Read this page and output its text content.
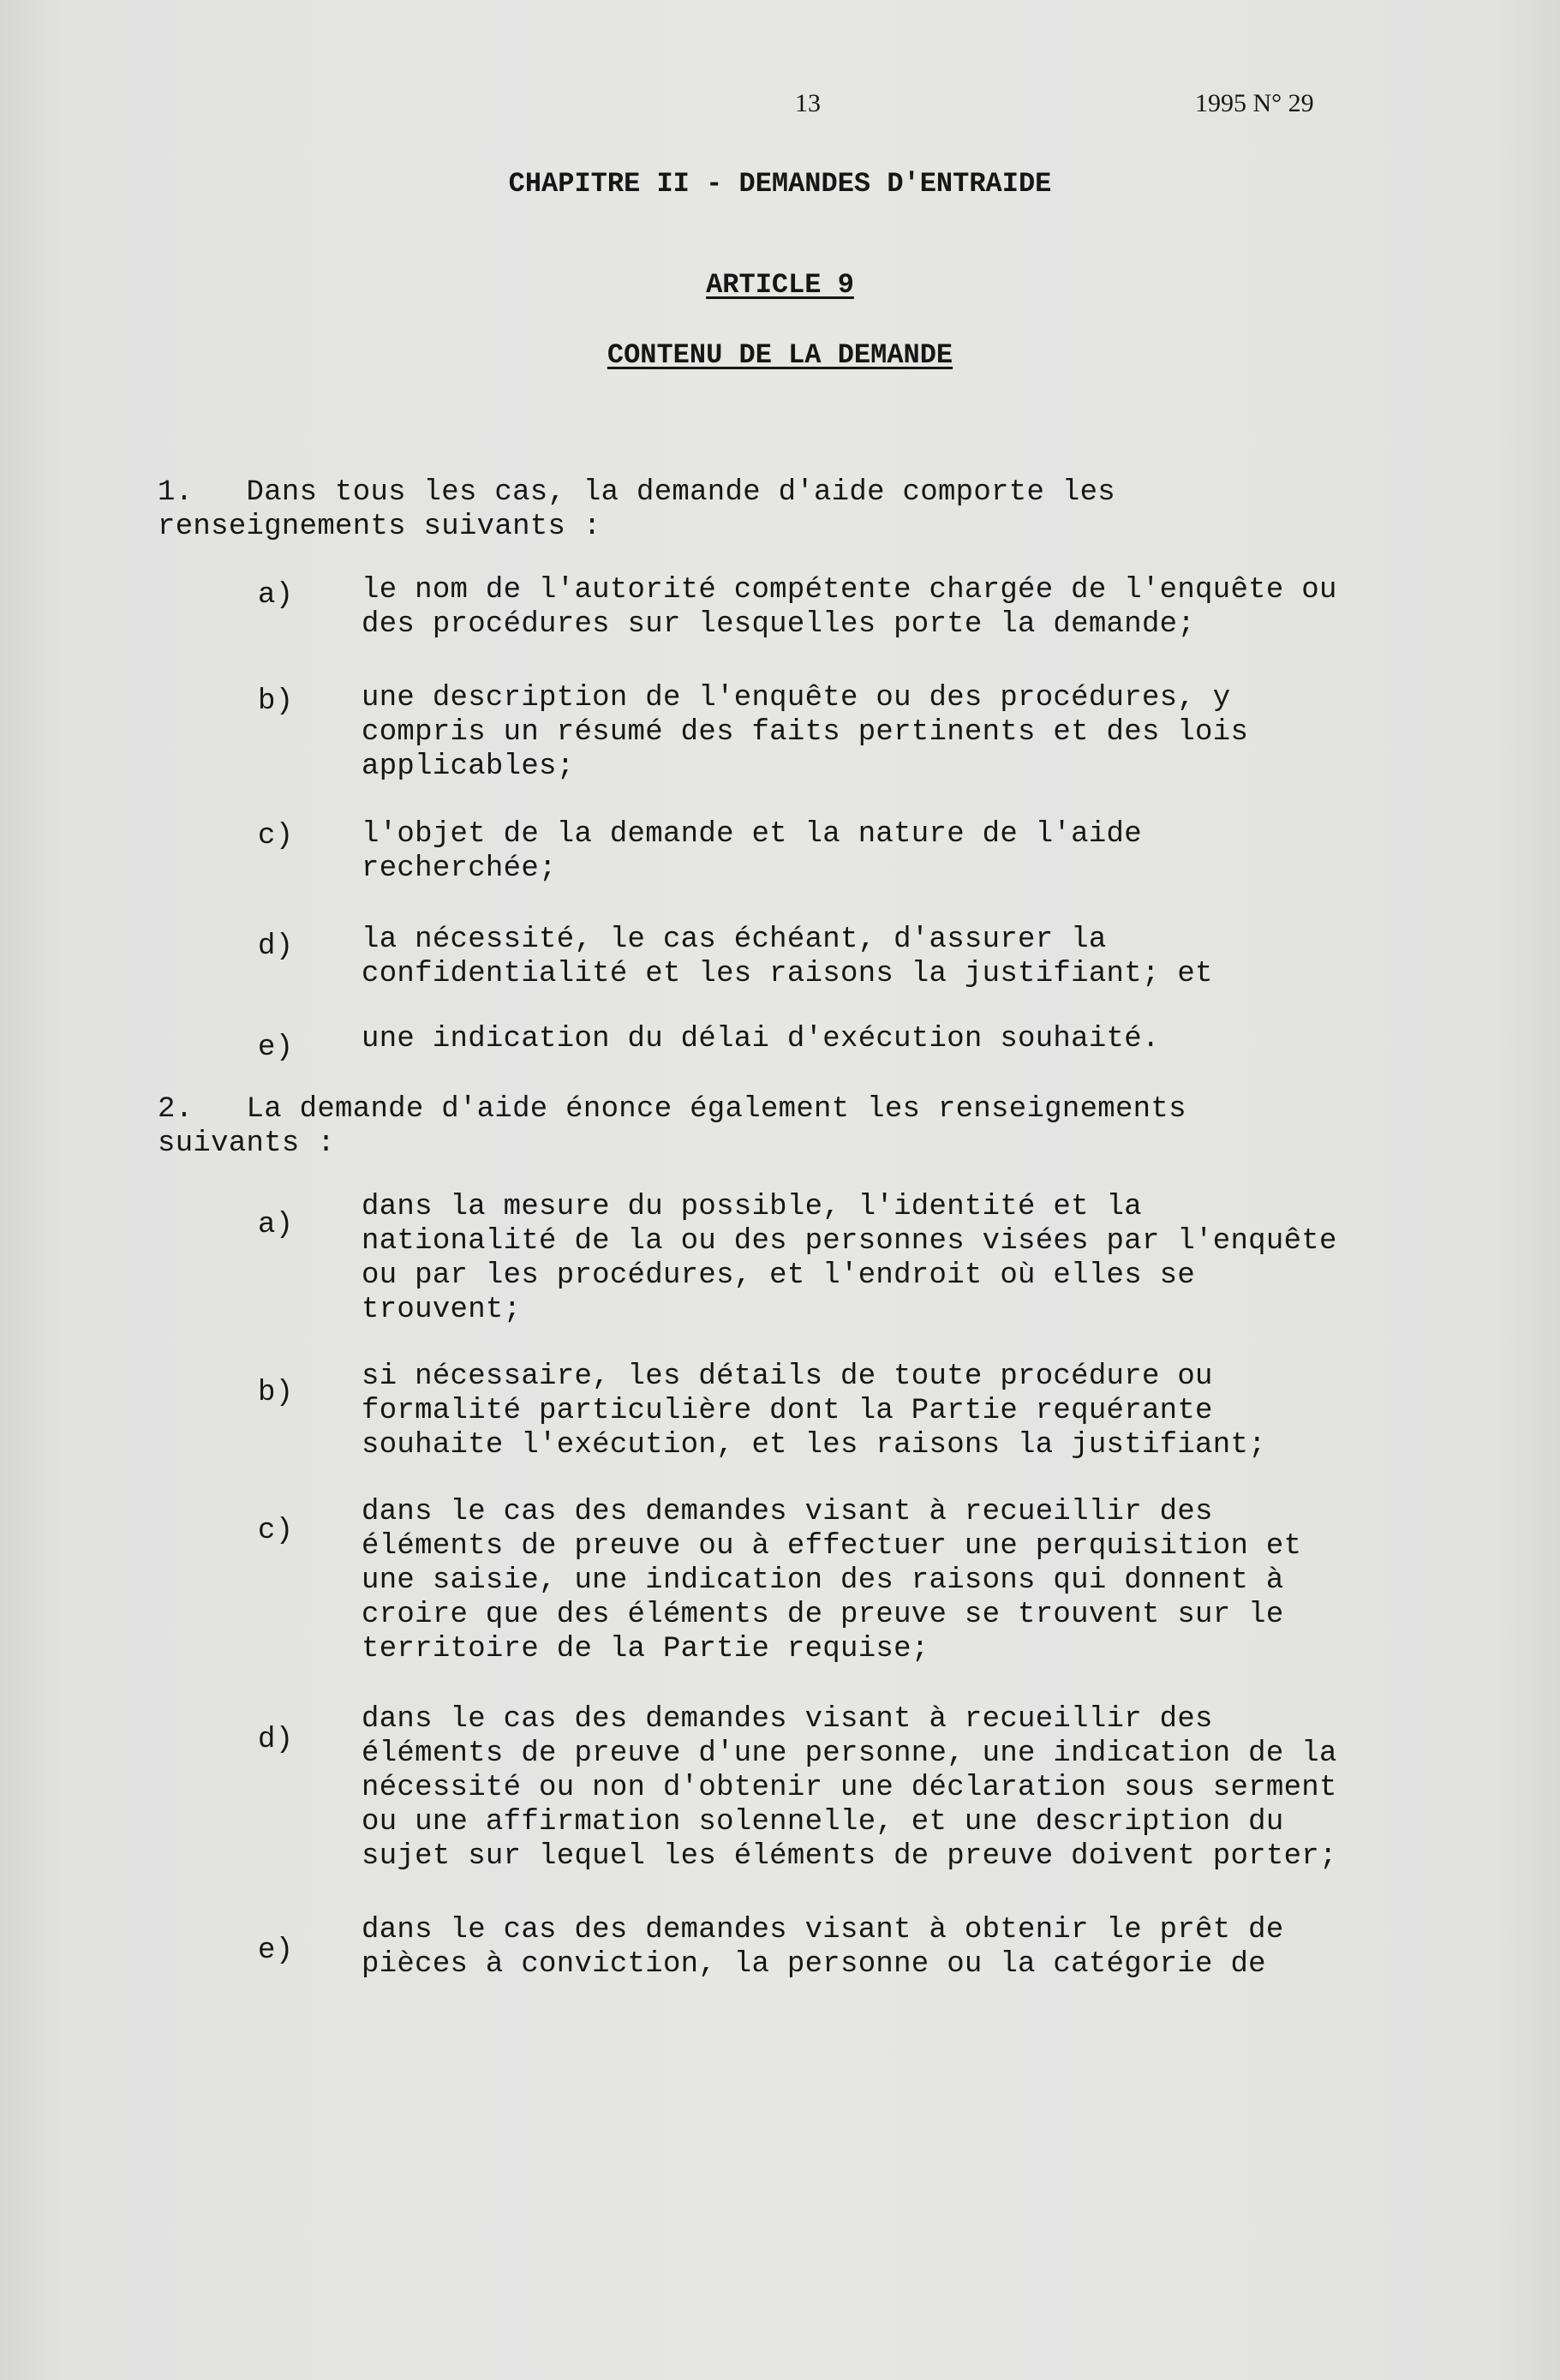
13	1995 N° 29
CHAPITRE II - DEMANDES D'ENTRAIDE
ARTICLE 9
CONTENU DE LA DEMANDE
1.   Dans tous les cas, la demande d'aide comporte les
renseignements suivants :
a) le nom de l'autorité compétente chargée de l'enquête ou
des procédures sur lesquelles porte la demande;
b) une description de l'enquête ou des procédures, y
compris un résumé des faits pertinents et des lois
applicables;
c) l'objet de la demande et la nature de l'aide
recherchée;
d) la nécessité, le cas échéant, d'assurer la
confidentialité et les raisons la justifiant; et
e) une indication du délai d'exécution souhaité.
2.   La demande d'aide énonce également les renseignements
suivants :
a)
dans la mesure du possible, l'identité et la
nationalité de la ou des personnes visées par l'enquête
ou par les procédures, et l'endroit où elles se
trouvent;
b) si nécessaire, les détails de toute procédure ou
formalité particulière dont la Partie requérante
souhaite l'exécution, et les raisons la justifiant;
c)
dans le cas des demandes visant à recueillir des
éléments de preuve ou à effectuer une perquisition et
une saisie, une indication des raisons qui donnent à
croire que des éléments de preuve se trouvent sur le
territoire de la Partie requise;
d)
dans le cas des demandes visant à recueillir des
éléments de preuve d'une personne, une indication de la
nécessité ou non d'obtenir une déclaration sous serment
ou une affirmation solennelle, et une description du
sujet sur lequel les éléments de preuve doivent porter;
e)
dans le cas des demandes visant à obtenir le prêt de
pièces à conviction, la personne ou la catégorie de
